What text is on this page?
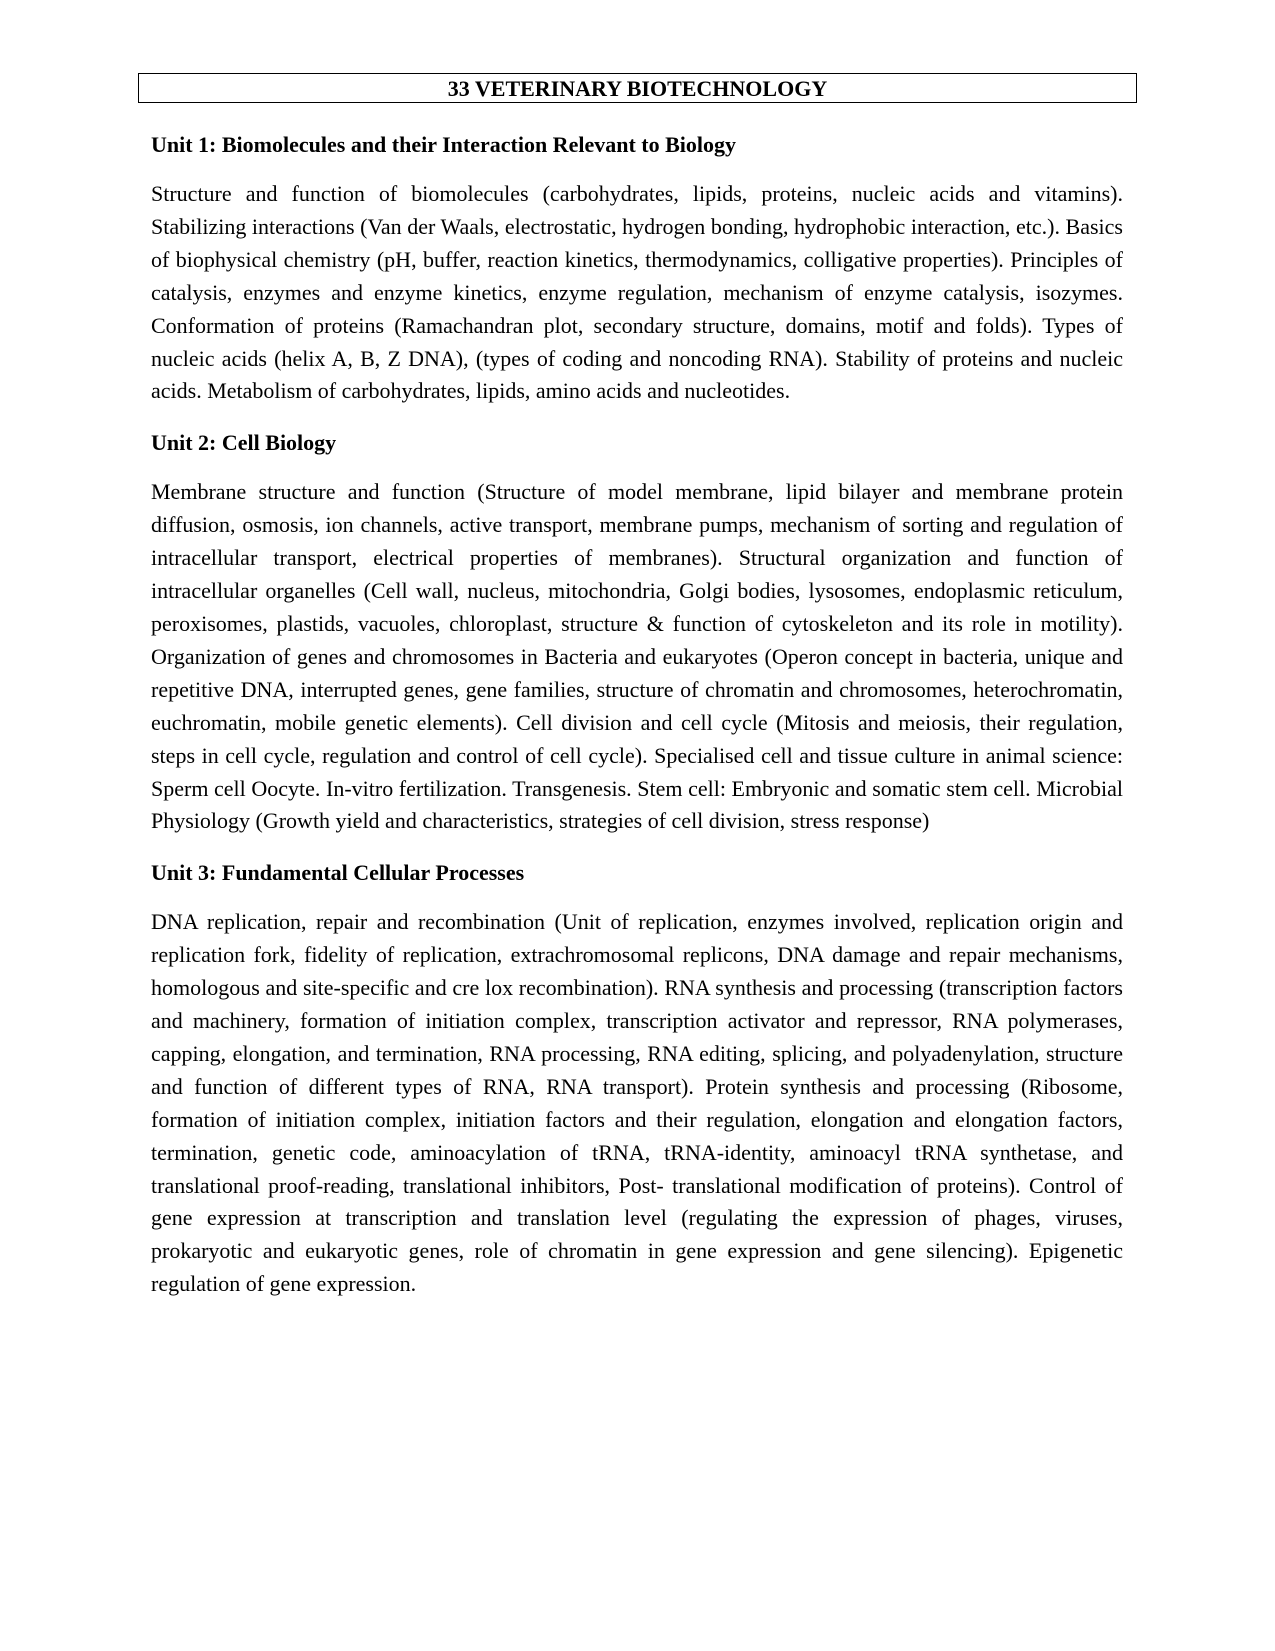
33 VETERINARY BIOTECHNOLOGY

Unit 1: Biomolecules and their Interaction Relevant to Biology

Structure and function of biomolecules (carbohydrates, lipids, proteins, nucleic acids and vitamins). Stabilizing interactions (Van der Waals, electrostatic, hydrogen bonding, hydrophobic interaction, etc.). Basics of biophysical chemistry (pH, buffer, reaction kinetics, thermodynamics, colligative properties). Principles of catalysis, enzymes and enzyme kinetics, enzyme regulation, mechanism of enzyme catalysis, isozymes. Conformation of proteins (Ramachandran plot, secondary structure, domains, motif and folds). Types of nucleic acids (helix A, B, Z DNA), (types of coding and noncoding RNA). Stability of proteins and nucleic acids. Metabolism of carbohydrates, lipids, amino acids and nucleotides.

Unit 2: Cell Biology

Membrane structure and function (Structure of model membrane, lipid bilayer and membrane protein diffusion, osmosis, ion channels, active transport, membrane pumps, mechanism of sorting and regulation of intracellular transport, electrical properties of membranes). Structural organization and function of intracellular organelles (Cell wall, nucleus, mitochondria, Golgi bodies, lysosomes, endoplasmic reticulum, peroxisomes, plastids, vacuoles, chloroplast, structure & function of cytoskeleton and its role in motility). Organization of genes and chromosomes in Bacteria and eukaryotes (Operon concept in bacteria, unique and repetitive DNA, interrupted genes, gene families, structure of chromatin and chromosomes, heterochromatin, euchromatin, mobile genetic elements). Cell division and cell cycle (Mitosis and meiosis, their regulation, steps in cell cycle, regulation and control of cell cycle). Specialised cell and tissue culture in animal science: Sperm cell Oocyte. In-vitro fertilization. Transgenesis. Stem cell: Embryonic and somatic stem cell. Microbial Physiology (Growth yield and characteristics, strategies of cell division, stress response)

Unit 3: Fundamental Cellular Processes

DNA replication, repair and recombination (Unit of replication, enzymes involved, replication origin and replication fork, fidelity of replication, extrachromosomal replicons, DNA damage and repair mechanisms, homologous and site-specific and cre lox recombination). RNA synthesis and processing (transcription factors and machinery, formation of initiation complex, transcription activator and repressor, RNA polymerases, capping, elongation, and termination, RNA processing, RNA editing, splicing, and polyadenylation, structure and function of different types of RNA, RNA transport). Protein synthesis and processing (Ribosome, formation of initiation complex, initiation factors and their regulation, elongation and elongation factors, termination, genetic code, aminoacylation of tRNA, tRNA-identity, aminoacyl tRNA synthetase, and translational proof-reading, translational inhibitors, Post- translational modification of proteins). Control of gene expression at transcription and translation level (regulating the expression of phages, viruses, prokaryotic and eukaryotic genes, role of chromatin in gene expression and gene silencing). Epigenetic regulation of gene expression.
